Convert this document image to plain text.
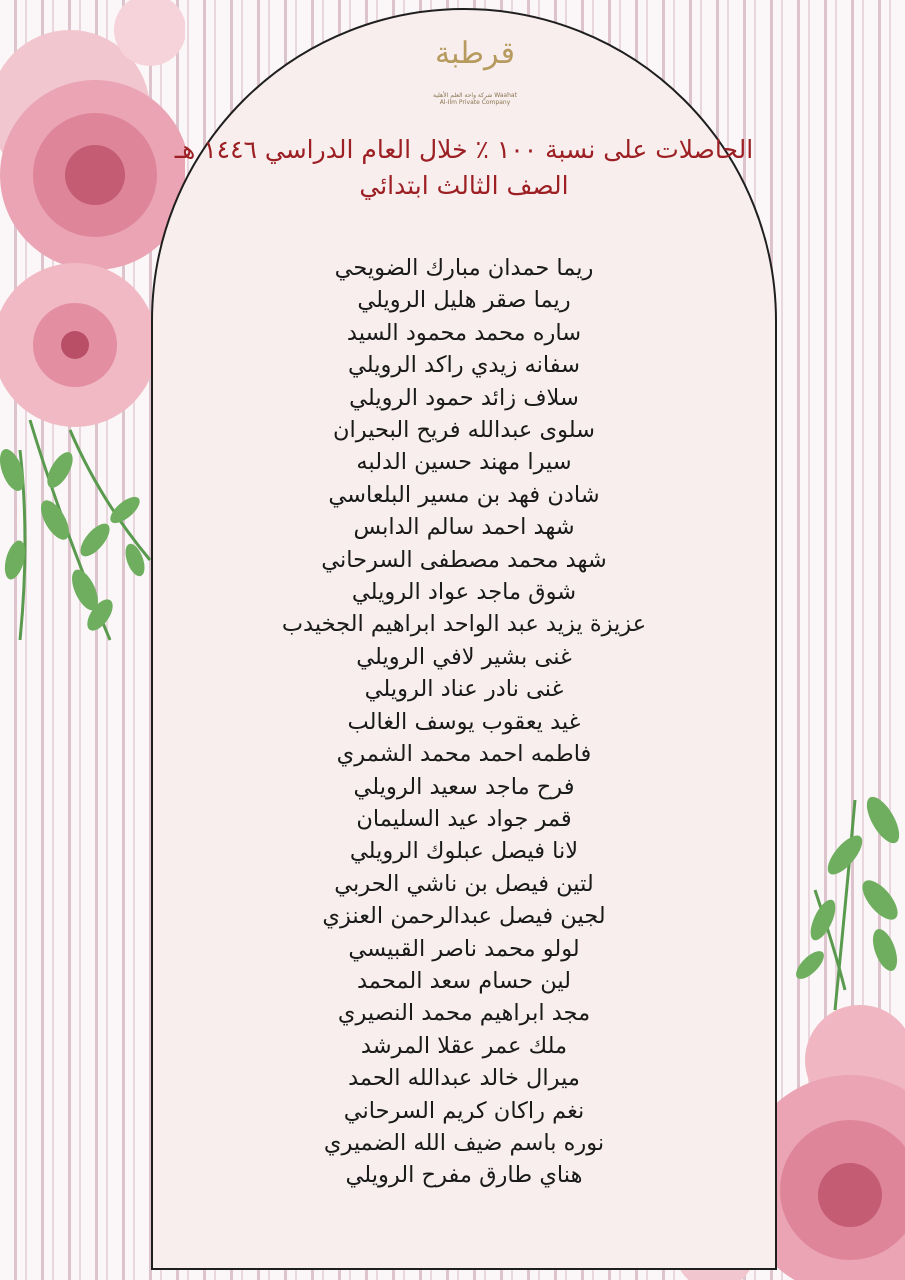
قرطبة
شركة واحة العلم الأهلية Waahat Al-Ilm Private Company
الحاصلات على نسبة ١٠٠ ٪ خلال العام الدراسي ١٤٤٦ هـ
الصف الثالث ابتدائي
ريما حمدان مبارك الضويحي
ريما صقر هليل الرويلي
ساره محمد محمود السيد
سفانه زيدي راكد الرويلي
سلاف زائد حمود الرويلي
سلوى عبدالله فريح البحيران
سيرا مهند حسين الدلبه
شادن فهد بن مسير البلعاسي
شهد احمد سالم الدابس
شهد محمد مصطفى السرحاني
شوق ماجد عواد الرويلي
عزيزة يزيد عبد الواحد ابراهيم الجخيدب
غنى بشير لافي الرويلي
غنى نادر عناد الرويلي
غيد يعقوب يوسف الغالب
فاطمه احمد محمد الشمري
فرح ماجد سعيد الرويلي
قمر جواد عيد السليمان
لانا فيصل عبلوك الرويلي
لتين فيصل بن ناشي الحربي
لجين فيصل عبدالرحمن العنزي
لولو محمد ناصر القبيسي
لين حسام سعد المحمد
مجد ابراهيم محمد النصيري
ملك عمر عقلا المرشد
ميرال خالد عبدالله الحمد
نغم راكان كريم السرحاني
نوره باسم ضيف الله الضميري
هناي طارق مفرح الرويلي
